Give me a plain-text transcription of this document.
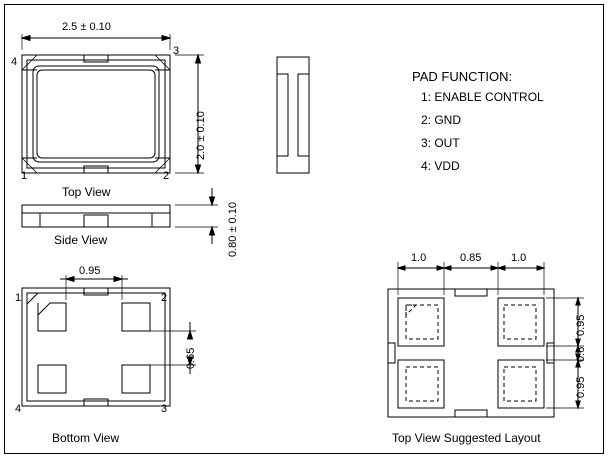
2.5 ± 0.10
2.0 ± 0.10
4
3
1	2
Top View
Side View	0.80 ± 0.10
0.95
1	2
4	3
0.65
Bottom View
1.0	0.85	1.0
0.95
0.6
0.95
Top View Suggested Layout
PAD FUNCTION:
1: ENABLE CONTROL
2: GND
3: OUT
4: VDD
